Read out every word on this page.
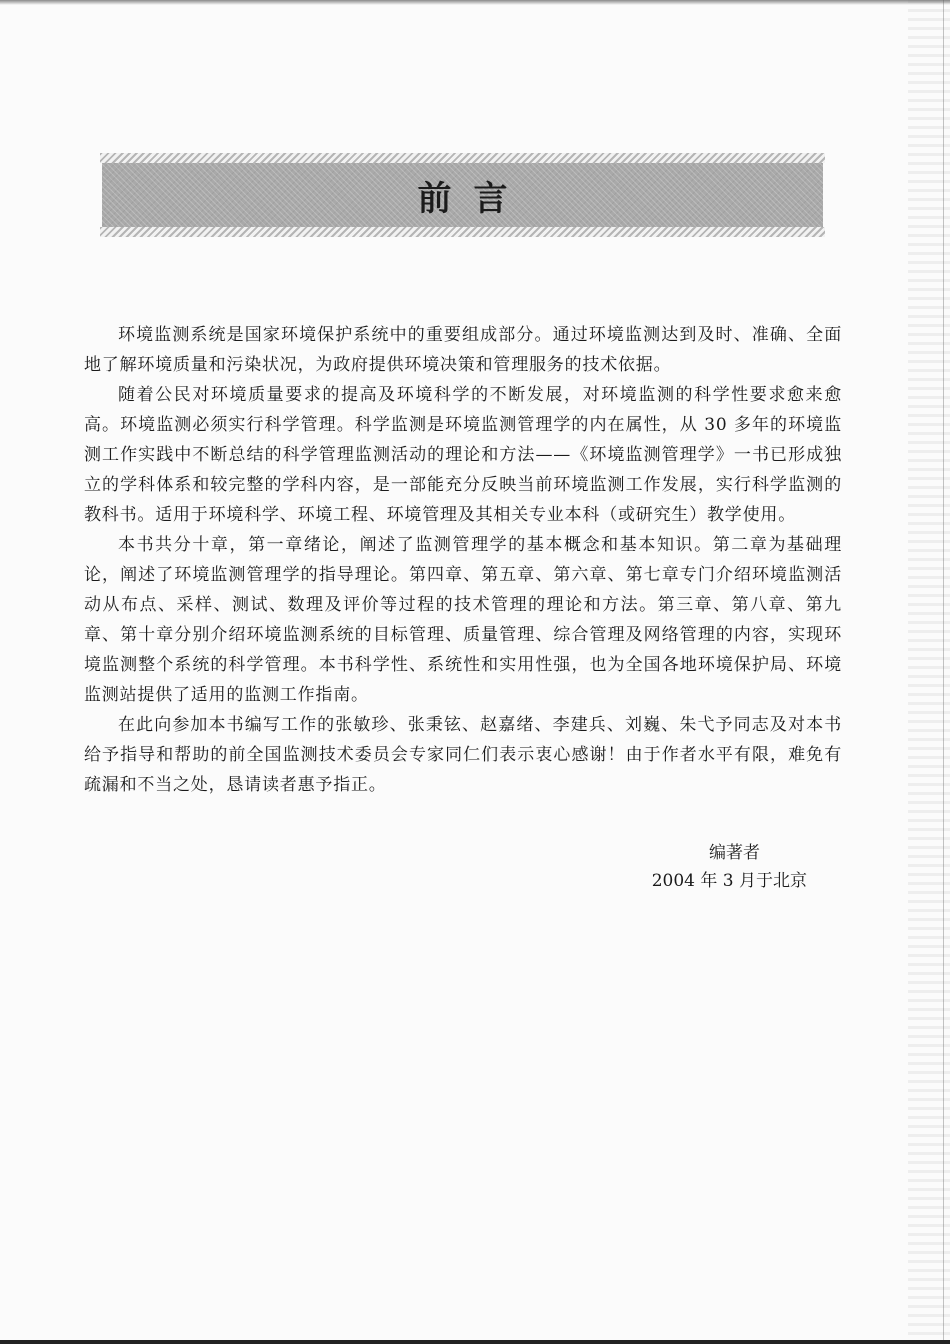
前言

环境监测系统是国家环境保护系统中的重要组成部分。通过环境监测达到及时、准确、全面地了解环境质量和污染状况，为政府提供环境决策和管理服务的技术依据。

随着公民对环境质量要求的提高及环境科学的不断发展，对环境监测的科学性要求愈来愈高。环境监测必须实行科学管理。科学监测是环境监测管理学的内在属性，从 30 多年的环境监测工作实践中不断总结的科学管理监测活动的理论和方法——《环境监测管理学》一书已形成独立的学科体系和较完整的学科内容，是一部能充分反映当前环境监测工作发展，实行科学监测的教科书。适用于环境科学、环境工程、环境管理及其相关专业本科（或研究生）教学使用。

本书共分十章，第一章绪论，阐述了监测管理学的基本概念和基本知识。第二章为基础理论，阐述了环境监测管理学的指导理论。第四章、第五章、第六章、第七章专门介绍环境监测活动从布点、采样、测试、数理及评价等过程的技术管理的理论和方法。第三章、第八章、第九章、第十章分别介绍环境监测系统的目标管理、质量管理、综合管理及网络管理的内容，实现环境监测整个系统的科学管理。本书科学性、系统性和实用性强，也为全国各地环境保护局、环境监测站提供了适用的监测工作指南。

在此向参加本书编写工作的张敏珍、张秉铉、赵嘉绪、李建兵、刘巍、朱弋予同志及对本书给予指导和帮助的前全国监测技术委员会专家同仁们表示衷心感谢！由于作者水平有限，难免有疏漏和不当之处，恳请读者惠予指正。

编著者
2004 年 3 月于北京
